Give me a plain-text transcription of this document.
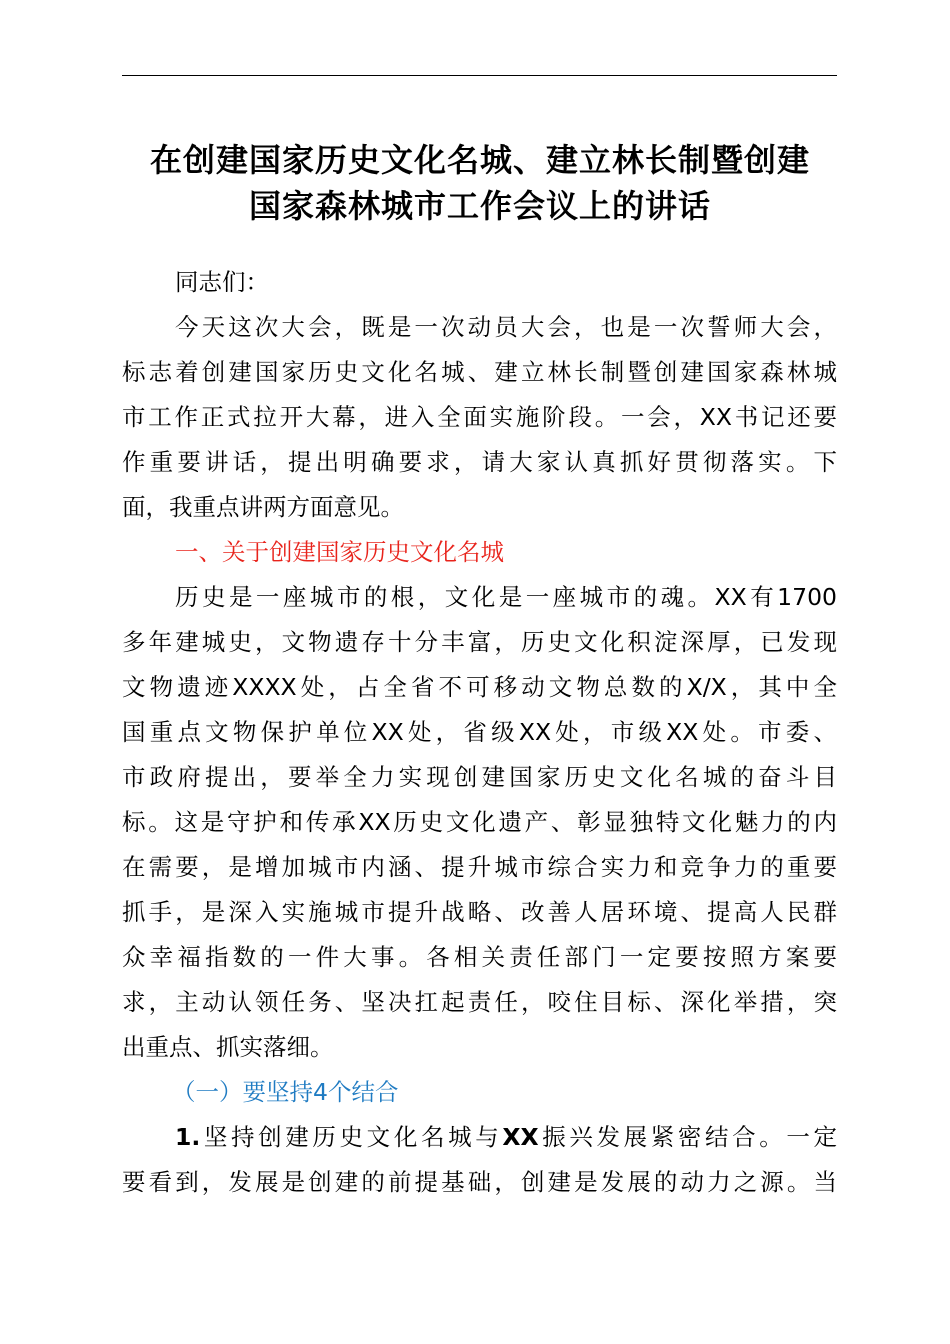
在创建国家历史文化名城、建立林长制暨创建
国家森林城市工作会议上的讲话
同志们：
今天这次大会，既是一次动员大会，也是一次誓师大会，
标志着创建国家历史文化名城、建立林长制暨创建国家森林城
市工作正式拉开大幕，进入全面实施阶段。一会，XX书记还要
作重要讲话，提出明确要求，请大家认真抓好贯彻落实。下
面，我重点讲两方面意见。
一、关于创建国家历史文化名城
历史是一座城市的根，文化是一座城市的魂。XX有1700
多年建城史，文物遗存十分丰富，历史文化积淀深厚，已发现
文物遗迹XXXX处，占全省不可移动文物总数的X/X，其中全
国重点文物保护单位XX处，省级XX处，市级XX处。市委、
市政府提出，要举全力实现创建国家历史文化名城的奋斗目
标。这是守护和传承XX历史文化遗产、彰显独特文化魅力的内
在需要，是增加城市内涵、提升城市综合实力和竞争力的重要
抓手，是深入实施城市提升战略、改善人居环境、提高人民群
众幸福指数的一件大事。各相关责任部门一定要按照方案要
求，主动认领任务、坚决扛起责任，咬住目标、深化举措，突
出重点、抓实落细。
（一）要坚持4个结合
1.坚持创建历史文化名城与XX振兴发展紧密结合。一定
要看到，发展是创建的前提基础，创建是发展的动力之源。当
